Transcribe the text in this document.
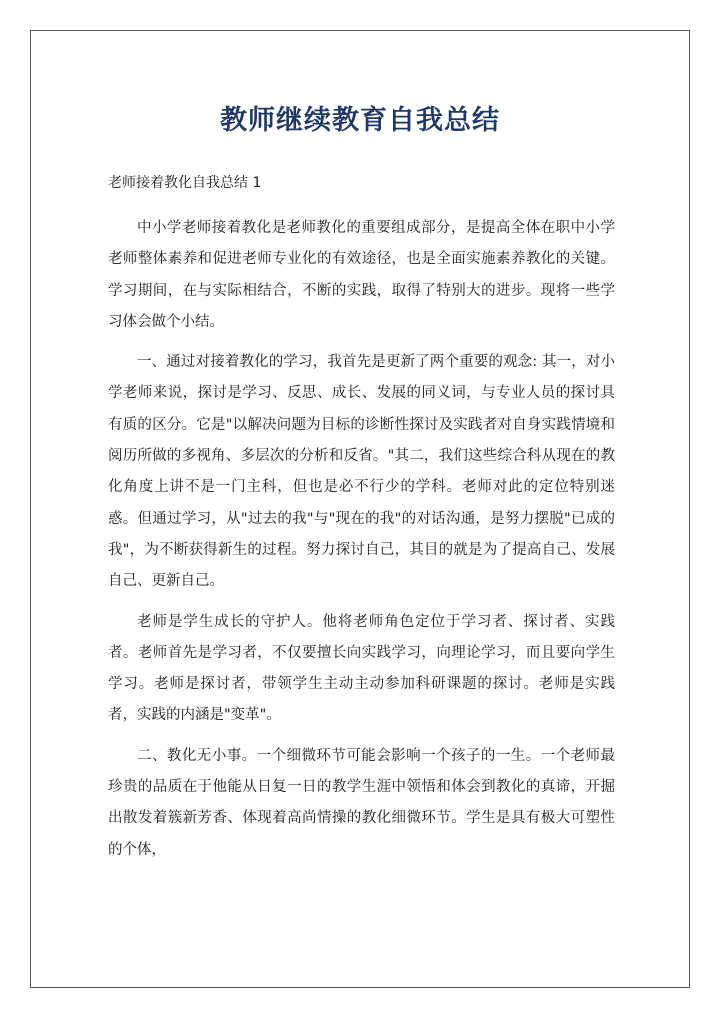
教师继续教育自我总结

老师接着教化自我总结 1

中小学老师接着教化是老师教化的重要组成部分，是提高全体在职中小学老师整体素养和促进老师专业化的有效途径，也是全面实施素养教化的关键。学习期间，在与实际相结合，不断的实践，取得了特别大的进步。现将一些学习体会做个小结。

一、通过对接着教化的学习，我首先是更新了两个重要的观念: 其一，对小学老师来说，探讨是学习、反思、成长、发展的同义词，与专业人员的探讨具有质的区分。它是"以解决问题为目标的诊断性探讨及实践者对自身实践情境和阅历所做的多视角、多层次的分析和反省。"其二，我们这些综合科从现在的教化角度上讲不是一门主科，但也是必不行少的学科。老师对此的定位特别迷惑。但通过学习，从"过去的我"与"现在的我"的对话沟通，是努力摆脱"已成的我"，为不断获得新生的过程。努力探讨自己，其目的就是为了提高自己、发展自己、更新自己。

老师是学生成长的守护人。他将老师角色定位于学习者、探讨者、实践者。老师首先是学习者，不仅要擅长向实践学习，向理论学习，而且要向学生学习。老师是探讨者，带领学生主动主动参加科研课题的探讨。老师是实践者，实践的内涵是"变革"。

二、教化无小事。一个细微环节可能会影响一个孩子的一生。一个老师最珍贵的品质在于他能从日复一日的教学生涯中领悟和体会到教化的真谛，开掘出散发着簇新芳香、体现着高尚情操的教化细微环节。学生是具有极大可塑性的个体，
